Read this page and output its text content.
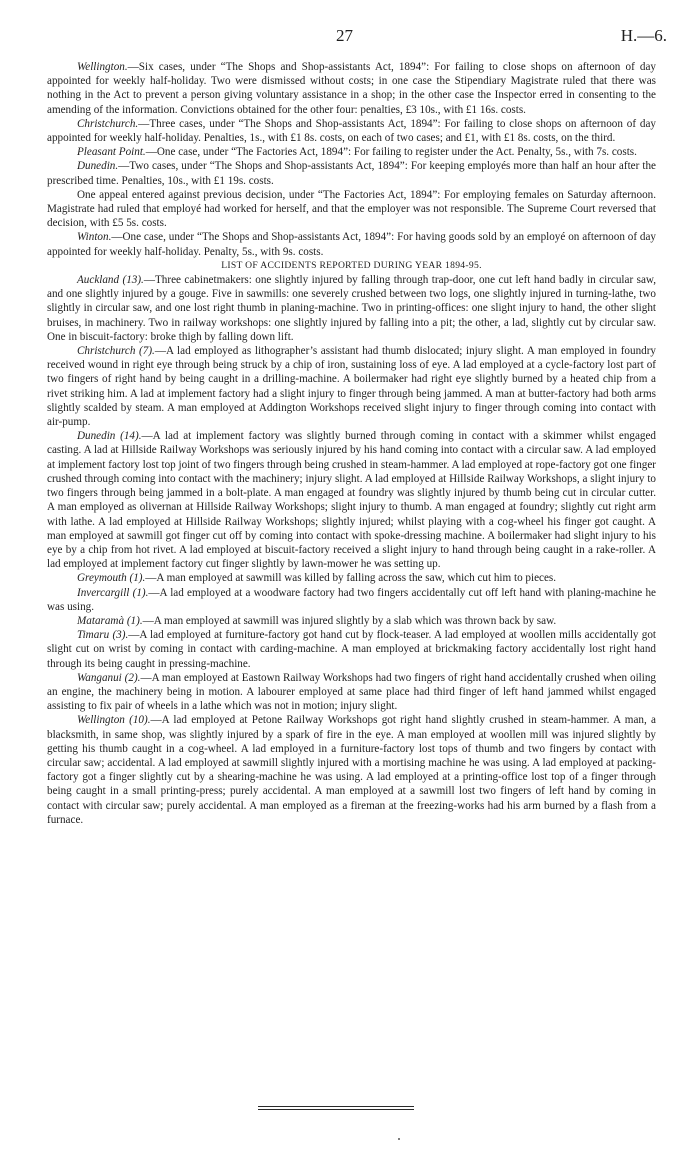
27	H.—6.

Wellington.—Six cases, under “The Shops and Shop-assistants Act, 1894”: For failing to close shops on afternoon of day appointed for weekly half-holiday. Two were dismissed without costs; in one case the Stipendiary Magistrate ruled that there was nothing in the Act to prevent a person giving voluntary assistance in a shop; in the other case the Inspector erred in consenting to the amending of the information. Convictions obtained for the other four: penalties, £3 10s., with £1 16s. costs.

Christchurch.—Three cases, under “The Shops and Shop-assistants Act, 1894”: For failing to close shops on afternoon of day appointed for weekly half-holiday. Penalties, 1s., with £1 8s. costs, on each of two cases; and £1, with £1 8s. costs, on the third.

Pleasant Point.—One case, under “The Factories Act, 1894”: For failing to register under the Act. Penalty, 5s., with 7s. costs.

Dunedin.—Two cases, under “The Shops and Shop-assistants Act, 1894”: For keeping employés more than half an hour after the prescribed time. Penalties, 10s., with £1 19s. costs.

One appeal entered against previous decision, under “The Factories Act, 1894”: For employing females on Saturday afternoon. Magistrate had ruled that employé had worked for herself, and that the employer was not responsible. The Supreme Court reversed that decision, with £5 5s. costs.

Winton.—One case, under “The Shops and Shop-assistants Act, 1894”: For having goods sold by an employé on afternoon of day appointed for weekly half-holiday. Penalty, 5s., with 9s. costs.

LIST OF ACCIDENTS REPORTED DURING YEAR 1894-95.

Auckland (13).—Three cabinetmakers: one slightly injured by falling through trap-door, one cut left hand badly in circular saw, and one slightly injured by a gouge. Five in sawmills: one severely crushed between two logs, one slightly injured in turning-lathe, two slightly in circular saw, and one lost right thumb in planing-machine. Two in printing-offices: one slight injury to hand, the other slight bruises, in machinery. Two in railway workshops: one slightly injured by falling into a pit; the other, a lad, slightly cut by circular saw. One in biscuit-factory: broke thigh by falling down lift.

Christchurch (7).—A lad employed as lithographer’s assistant had thumb dislocated; injury slight. A man employed in foundry received wound in right eye through being struck by a chip of iron, sustaining loss of eye. A lad employed at a cycle-factory lost part of two fingers of right hand by being caught in a drilling-machine. A boilermaker had right eye slightly burned by a heated chip from a rivet striking him. A lad at implement factory had a slight injury to finger through being jammed. A man at butter-factory had both arms slightly scalded by steam. A man employed at Addington Workshops received slight injury to finger through coming into contact with air-pump.

Dunedin (14).—A lad at implement factory was slightly burned through coming in contact with a skimmer whilst engaged casting. A lad at Hillside Railway Workshops was seriously injured by his hand coming into contact with a circular saw. A lad employed at implement factory lost top joint of two fingers through being crushed in steam-hammer. A lad employed at rope-factory got one finger crushed through coming into contact with the machinery; injury slight. A lad employed at Hillside Railway Workshops, a slight injury to two fingers through being jammed in a bolt-plate. A man engaged at foundry was slightly injured by thumb being cut in circular cutter. A man employed as olivernan at Hillside Railway Workshops; slight injury to thumb. A man engaged at foundry; slightly cut right arm with lathe. A lad employed at Hillside Railway Workshops; slightly injured; whilst playing with a cog-wheel his finger got caught. A man employed at sawmill got finger cut off by coming into contact with spoke-dressing machine. A boilermaker had slight injury to his eye by a chip from hot rivet. A lad employed at biscuit-factory received a slight injury to hand through being caught in a rake-roller. A lad employed at implement factory cut finger slightly by lawn-mower he was setting up.

Greymouth (1).—A man employed at sawmill was killed by falling across the saw, which cut him to pieces.

Invercargill (1).—A lad employed at a woodware factory had two fingers accidentally cut off left hand with planing-machine he was using.

Mataramà (1).—A man employed at sawmill was injured slightly by a slab which was thrown back by saw.

Timaru (3).—A lad employed at furniture-factory got hand cut by flock-teaser. A lad employed at woollen mills accidentally got slight cut on wrist by coming in contact with carding-machine. A man employed at brickmaking factory accidentally lost right hand through its being caught in pressing-machine.

Wanganui (2).—A man employed at Eastown Railway Workshops had two fingers of right hand accidentally crushed when oiling an engine, the machinery being in motion. A labourer employed at same place had third finger of left hand jammed whilst engaged assisting to fix pair of wheels in a lathe which was not in motion; injury slight.

Wellington (10).—A lad employed at Petone Railway Workshops got right hand slightly crushed in steam-hammer. A man, a blacksmith, in same shop, was slightly injured by a spark of fire in the eye. A man employed at woollen mill was injured slightly by getting his thumb caught in a cog-wheel. A lad employed in a furniture-factory lost tops of thumb and two fingers by contact with circular saw; accidental. A lad employed at sawmill slightly injured with a mortising machine he was using. A lad employed at packing-factory got a finger slightly cut by a shearing-machine he was using. A lad employed at a printing-office lost top of a finger through being caught in a small printing-press; purely accidental. A man employed at a sawmill lost two fingers of left hand by coming in contact with circular saw; purely accidental. A man employed as a fireman at the freezing-works had his arm burned by a flash from a furnace.
